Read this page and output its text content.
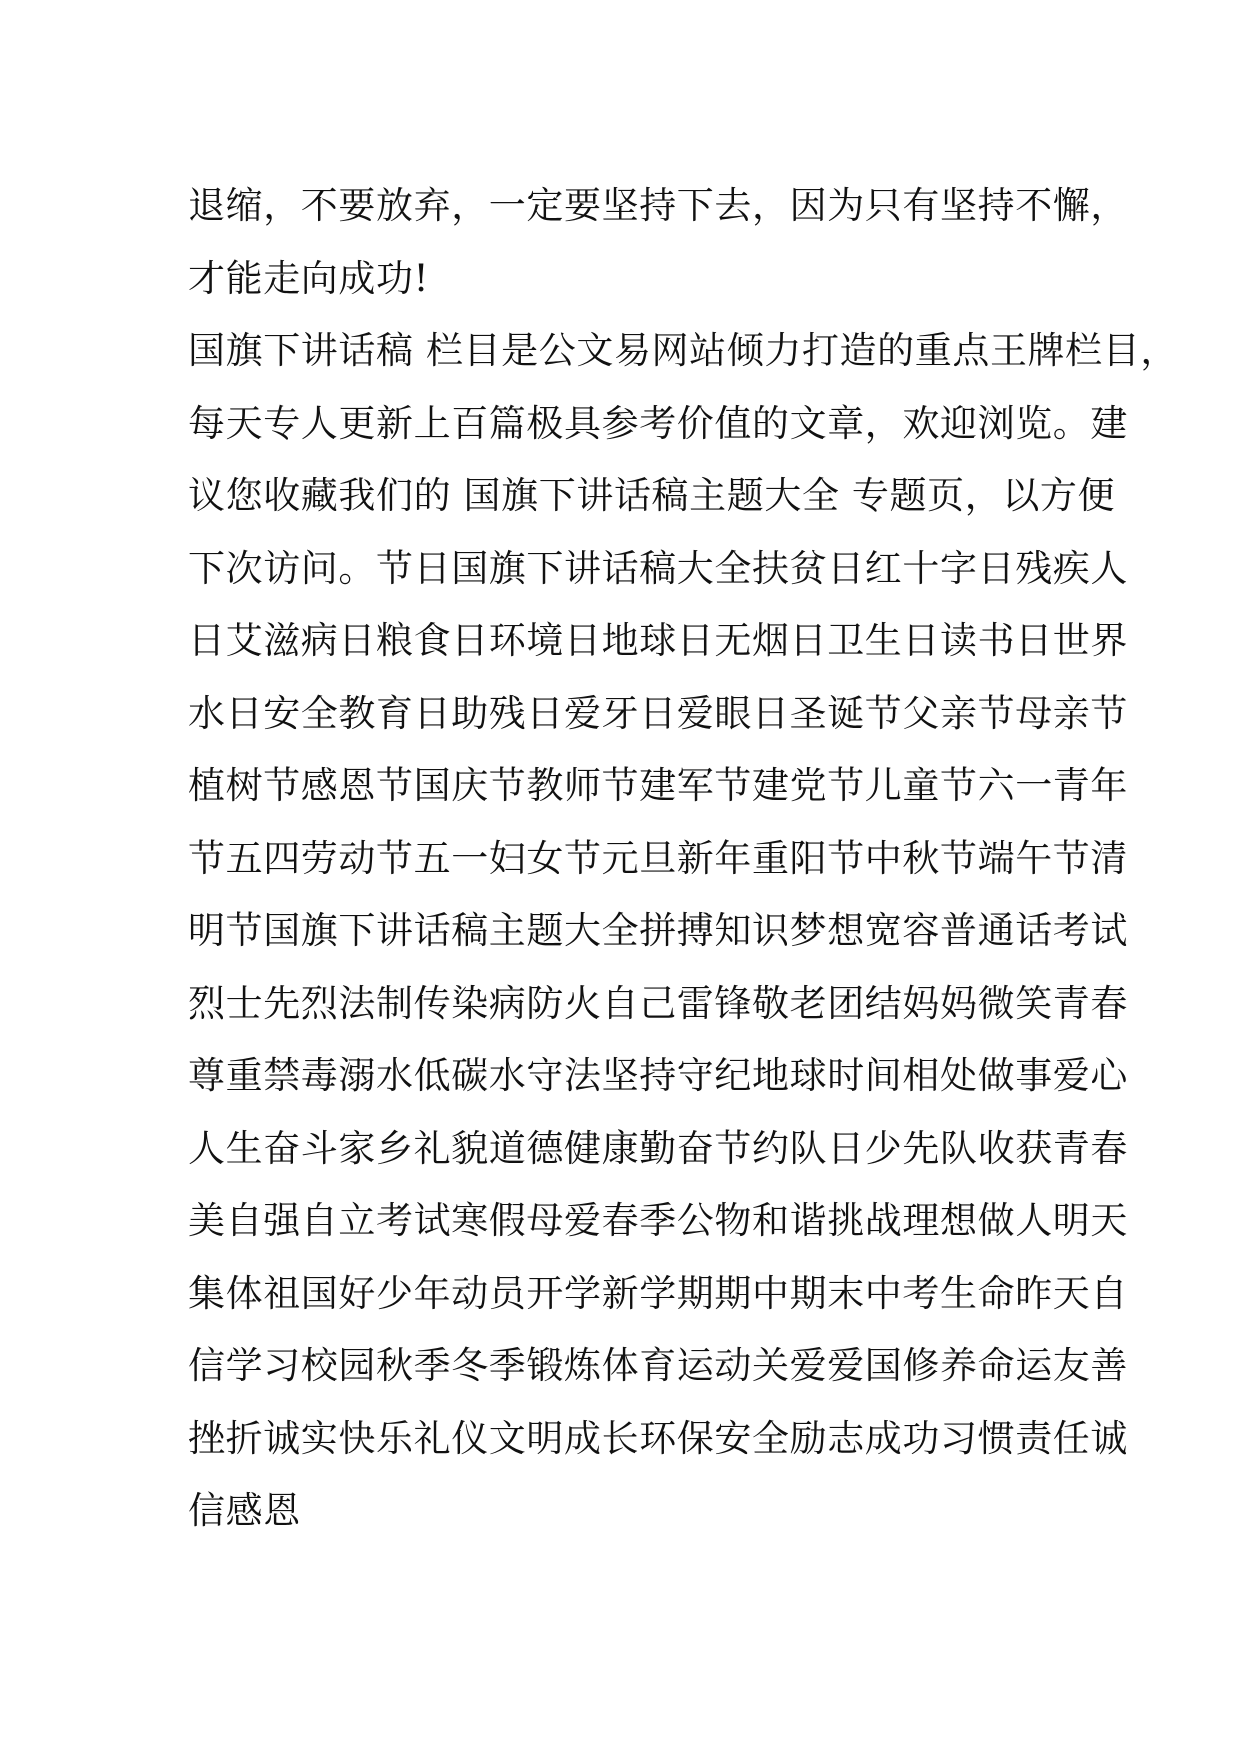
退缩，不要放弃，一定要坚持下去，因为只有坚持不懈，
才能走向成功!
国旗下讲话稿 栏目是公文易网站倾力打造的重点王牌栏目，
每天专人更新上百篇极具参考价值的文章，欢迎浏览。建
议您收藏我们的 国旗下讲话稿主题大全 专题页，以方便
下次访问。节日国旗下讲话稿大全扶贫日红十字日残疾人
日艾滋病日粮食日环境日地球日无烟日卫生日读书日世界
水日安全教育日助残日爱牙日爱眼日圣诞节父亲节母亲节
植树节感恩节国庆节教师节建军节建党节儿童节六一青年
节五四劳动节五一妇女节元旦新年重阳节中秋节端午节清
明节国旗下讲话稿主题大全拼搏知识梦想宽容普通话考试
烈士先烈法制传染病防火自己雷锋敬老团结妈妈微笑青春
尊重禁毒溺水低碳水守法坚持守纪地球时间相处做事爱心
人生奋斗家乡礼貌道德健康勤奋节约队日少先队收获青春
美自强自立考试寒假母爱春季公物和谐挑战理想做人明天
集体祖国好少年动员开学新学期期中期末中考生命昨天自
信学习校园秋季冬季锻炼体育运动关爱爱国修养命运友善
挫折诚实快乐礼仪文明成长环保安全励志成功习惯责任诚
信感恩
